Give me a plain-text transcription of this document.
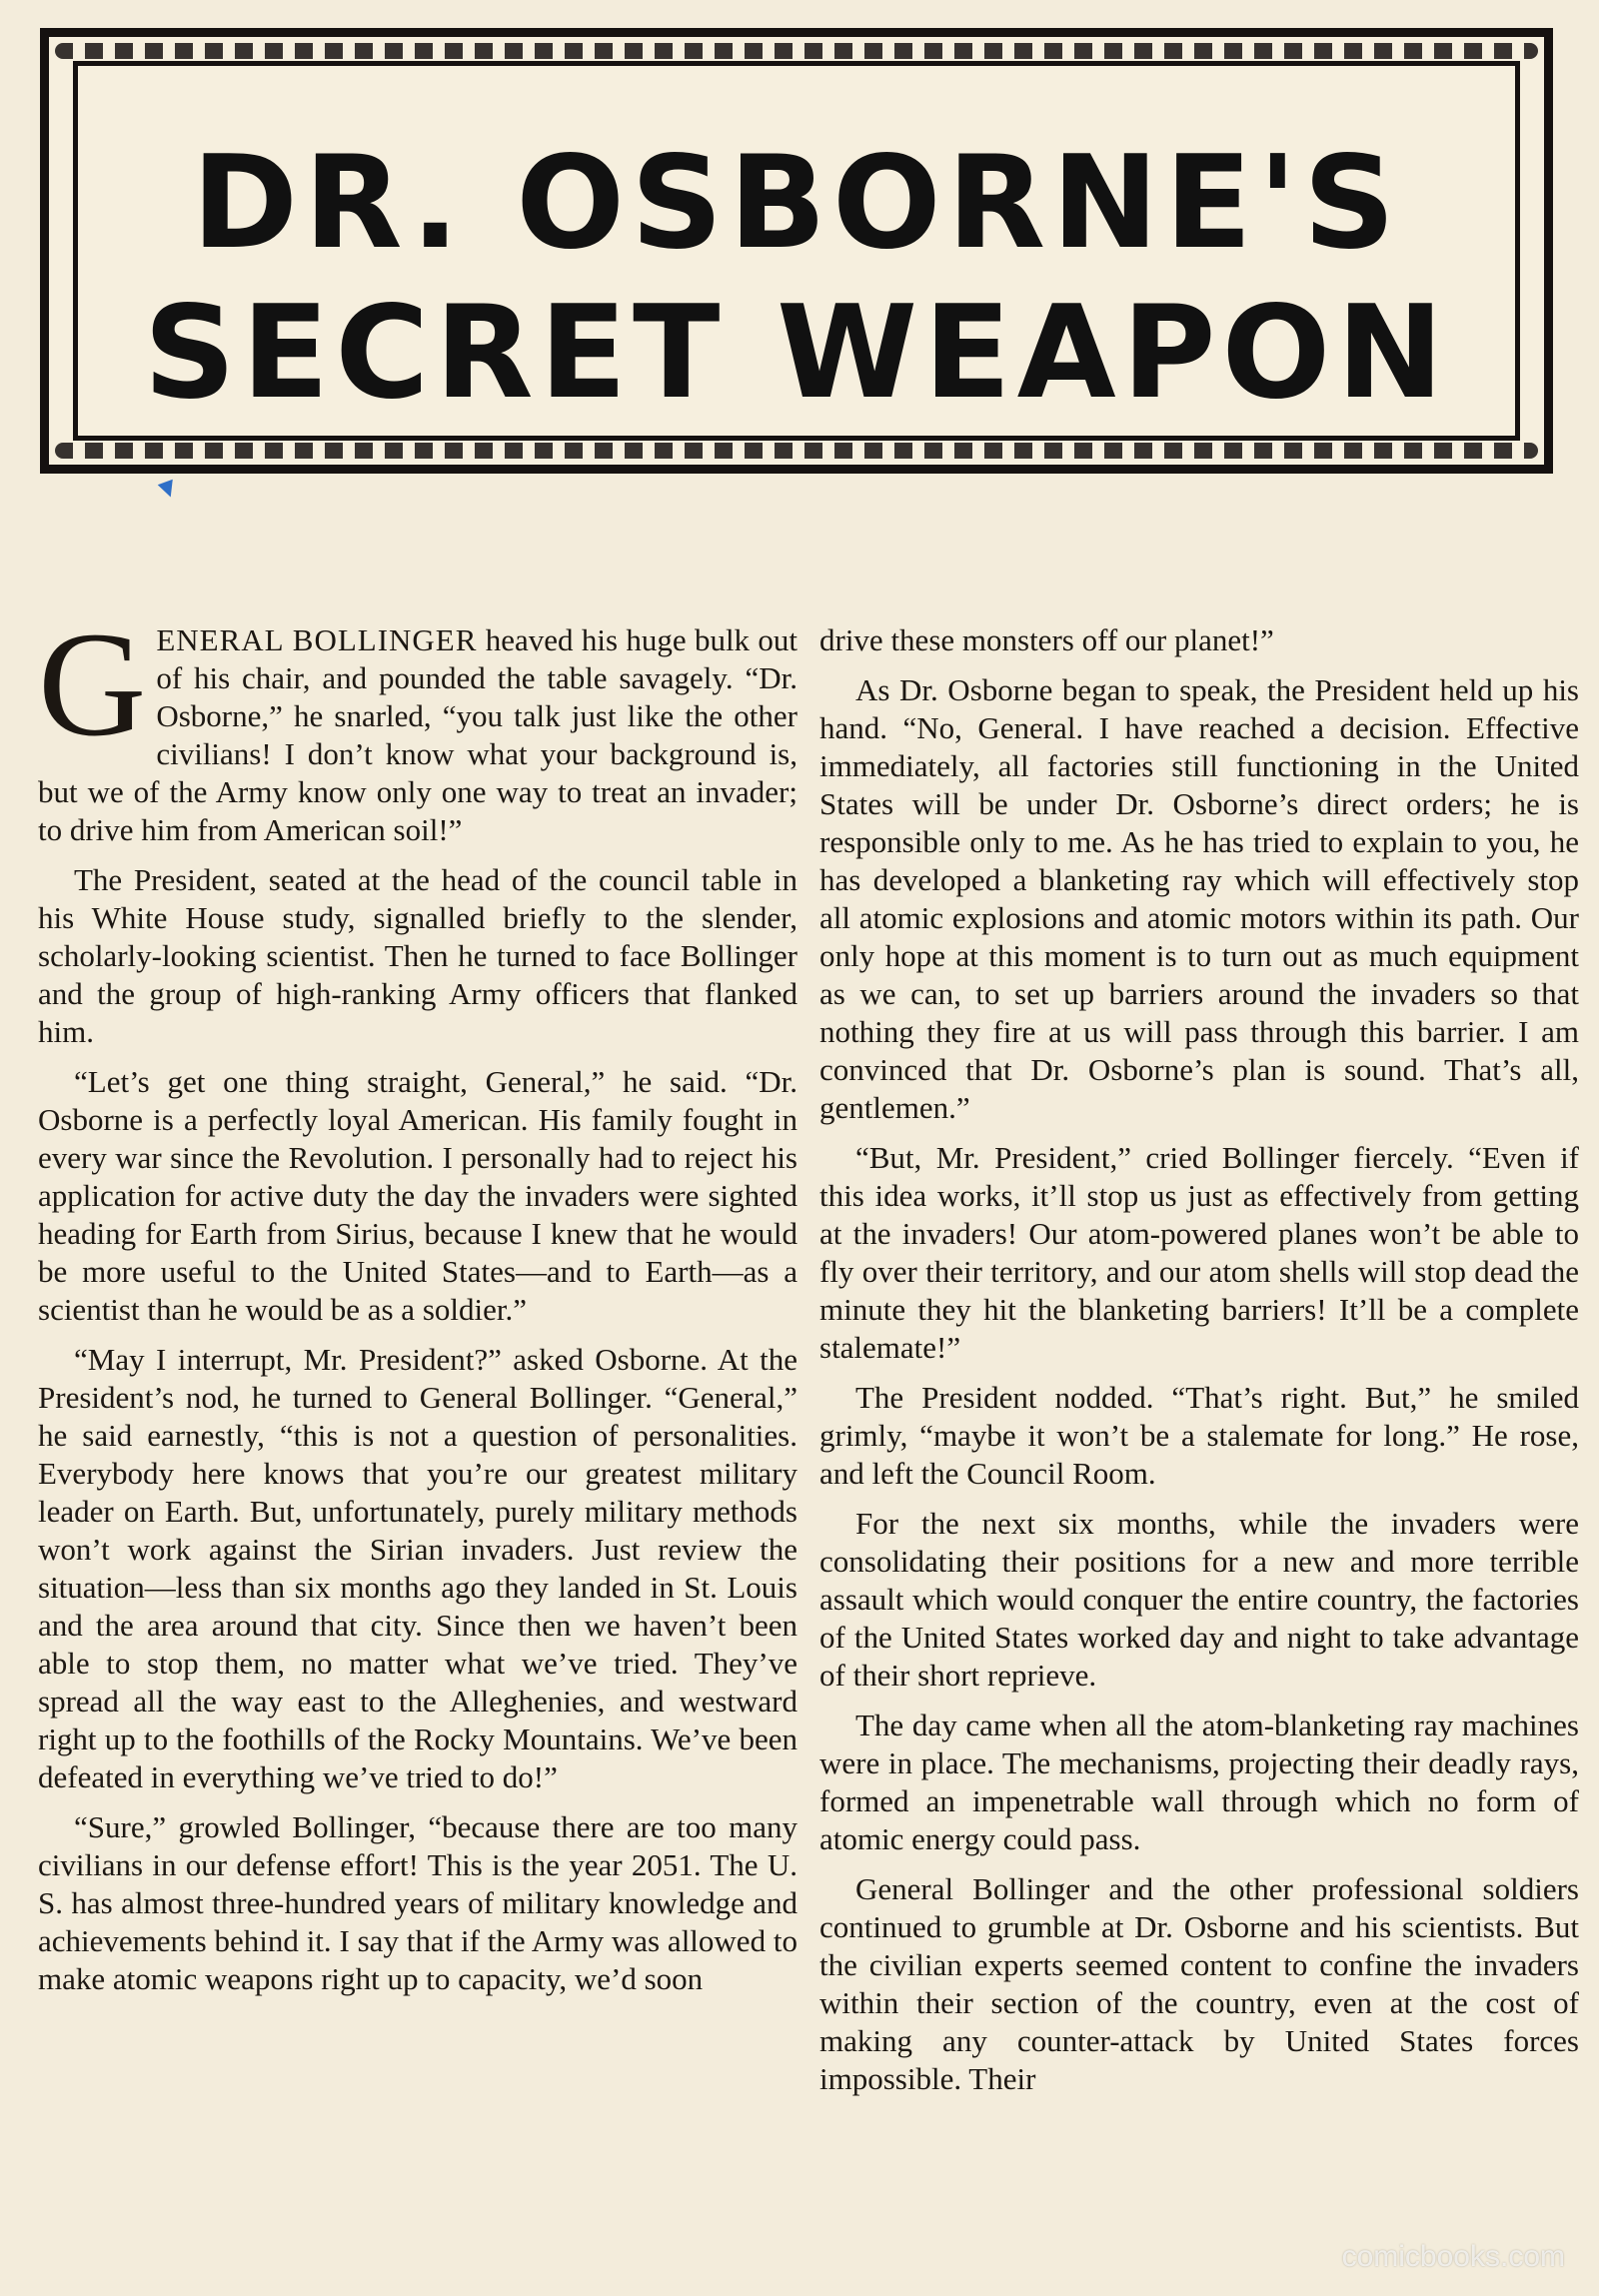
DR. OSBORNE'S SECRET WEAPON

G ENERAL BOLLINGER heaved his huge bulk out of his chair, and pounded the table savagely. “Dr. Osborne,” he snarled, “you talk just like the other civilians! I don’t know what your background is, but we of the Army know only one way to treat an invader; to drive him from American soil!”

The President, seated at the head of the council table in his White House study, signalled briefly to the slender, scholarly-looking scientist. Then he turned to face Bollinger and the group of high-ranking Army officers that flanked him.

“Let’s get one thing straight, General,” he said. “Dr. Osborne is a perfectly loyal American. His family fought in every war since the Revolution. I personally had to reject his application for active duty the day the invaders were sighted heading for Earth from Sirius, because I knew that he would be more useful to the United States—and to Earth—as a scientist than he would be as a soldier.”

“May I interrupt, Mr. President?” asked Osborne. At the President’s nod, he turned to General Bollinger. “General,” he said earnestly, “this is not a question of personalities. Everybody here knows that you’re our greatest military leader on Earth. But, unfortunately, purely military methods won’t work against the Sirian invaders. Just review the situation—less than six months ago they landed in St. Louis and the area around that city. Since then we haven’t been able to stop them, no matter what we’ve tried. They’ve spread all the way east to the Alleghenies, and westward right up to the foothills of the Rocky Mountains. We’ve been defeated in everything we’ve tried to do!”

“Sure,” growled Bollinger, “because there are too many civilians in our defense effort! This is the year 2051. The U. S. has almost three-hundred years of military knowledge and achievements behind it. I say that if the Army was allowed to make atomic weapons right up to capacity, we’d soon

drive these monsters off our planet!”

As Dr. Osborne began to speak, the President held up his hand. “No, General. I have reached a decision. Effective immediately, all factories still functioning in the United States will be under Dr. Osborne’s direct orders; he is responsible only to me. As he has tried to explain to you, he has developed a blanketing ray which will effectively stop all atomic explosions and atomic motors within its path. Our only hope at this moment is to turn out as much equipment as we can, to set up barriers around the invaders so that nothing they fire at us will pass through this barrier. I am convinced that Dr. Osborne’s plan is sound. That’s all, gentlemen.”

“But, Mr. President,” cried Bollinger fiercely. “Even if this idea works, it’ll stop us just as effectively from getting at the invaders! Our atom-powered planes won’t be able to fly over their territory, and our atom shells will stop dead the minute they hit the blanketing barriers! It’ll be a complete stalemate!”

The President nodded. “That’s right. But,” he smiled grimly, “maybe it won’t be a stalemate for long.” He rose, and left the Council Room.

For the next six months, while the invaders were consolidating their positions for a new and more terrible assault which would conquer the entire country, the factories of the United States worked day and night to take advantage of their short reprieve.

The day came when all the atom-blanketing ray machines were in place. The mechanisms, projecting their deadly rays, formed an impenetrable wall through which no form of atomic energy could pass.

General Bollinger and the other professional soldiers continued to grumble at Dr. Osborne and his scientists. But the civilian experts seemed content to confine the invaders within their section of the country, even at the cost of making any counter-attack by United States forces impossible. Their

comicbooks.com
